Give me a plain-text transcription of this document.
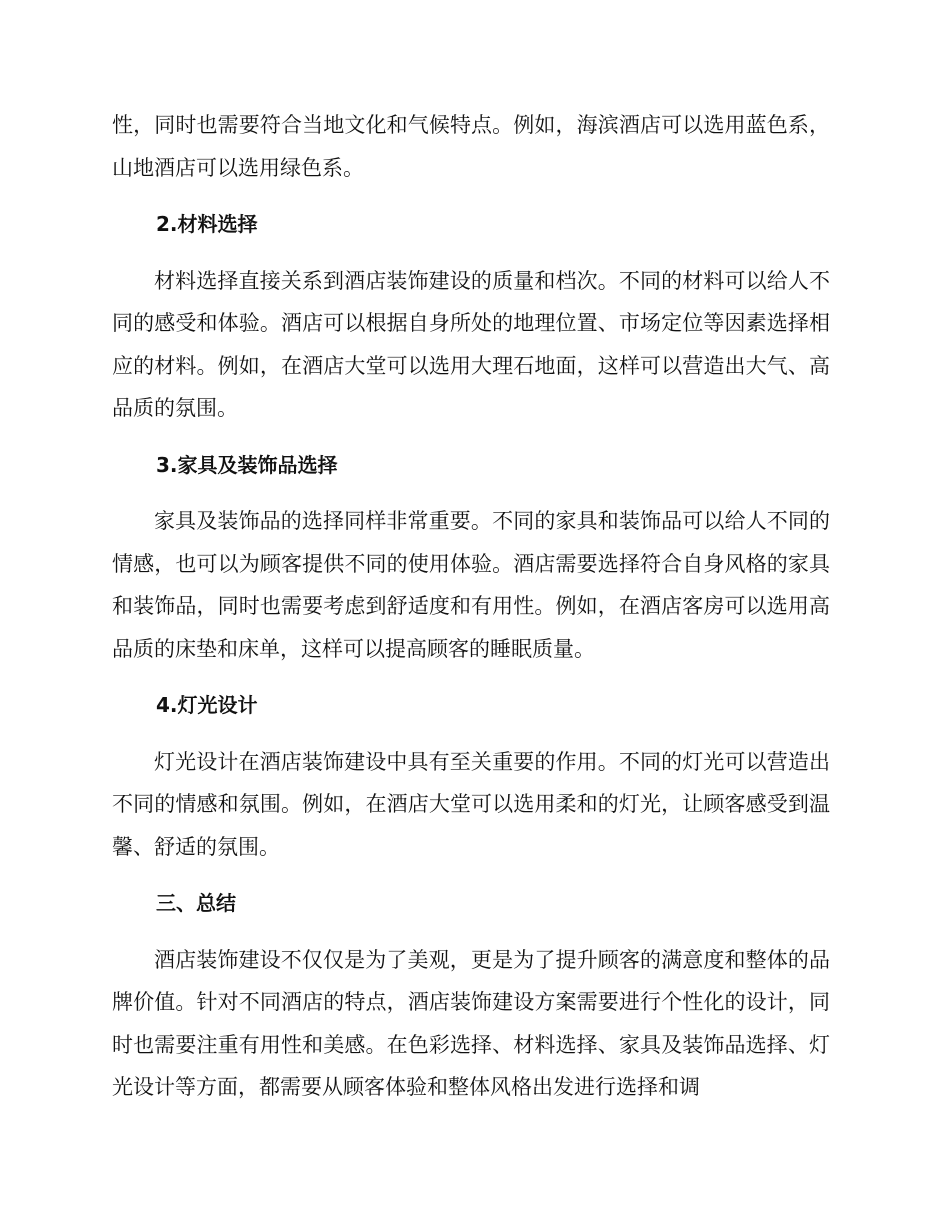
性，同时也需要符合当地文化和气候特点。例如，海滨酒店可以选用蓝色系，山地酒店可以选用绿色系。

2.材料选择

材料选择直接关系到酒店装饰建设的质量和档次。不同的材料可以给人不同的感受和体验。酒店可以根据自身所处的地理位置、市场定位等因素选择相应的材料。例如，在酒店大堂可以选用大理石地面，这样可以营造出大气、高品质的氛围。

3.家具及装饰品选择

家具及装饰品的选择同样非常重要。不同的家具和装饰品可以给人不同的情感，也可以为顾客提供不同的使用体验。酒店需要选择符合自身风格的家具和装饰品，同时也需要考虑到舒适度和有用性。例如，在酒店客房可以选用高品质的床垫和床单，这样可以提高顾客的睡眠质量。

4.灯光设计

灯光设计在酒店装饰建设中具有至关重要的作用。不同的灯光可以营造出不同的情感和氛围。例如，在酒店大堂可以选用柔和的灯光，让顾客感受到温馨、舒适的氛围。

三、总结

酒店装饰建设不仅仅是为了美观，更是为了提升顾客的满意度和整体的品牌价值。针对不同酒店的特点，酒店装饰建设方案需要进行个性化的设计，同时也需要注重有用性和美感。在色彩选择、材料选择、家具及装饰品选择、灯光设计等方面，都需要从顾客体验和整体风格出发进行选择和调
